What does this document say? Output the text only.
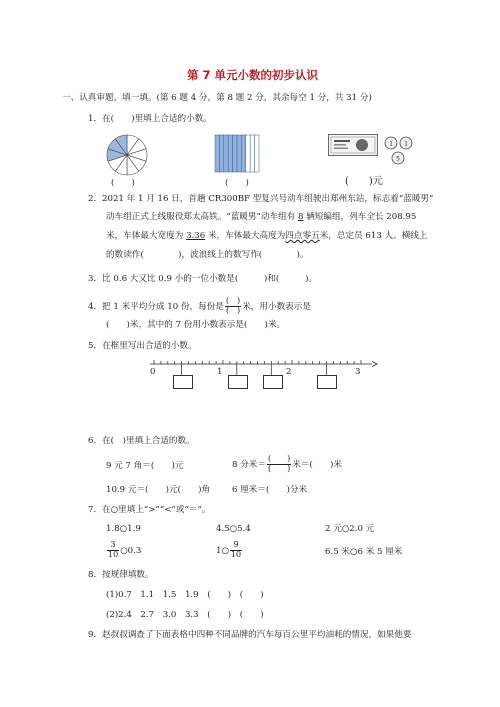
第 7 单元小数的初步认识
一、认真审题，填一填。(第 6 题 4 分，第 8 题 2 分，其余每空 1 分，共 31 分)
1．在(　　)里填上合适的小数。
1 1
5
(　　)	(　　)	(　　)元
2．2021 年 1 月 16 日，首趟 CR300BF 型复兴号动车组驶出郑州东站，标志着“蓝暖男”
动车组正式上线服役郑太高铁。“蓝暖男”动车组有 8 辆短编组，列车全长 208.95
米，车体最大宽度为 3.36 米，车体最大高度为四点零五米，总定员 613 人。横线上
的数读作(　　　　)，波浪线上的数写作(　　　　)。
3．比 0.6 大又比 0.9 小的一位小数是(　　　)和(　　　)。
4．把 1 米平均分成 10 份，每份是 $\frac{( )}{( )}$ 米，用小数表示是
(　　)米，其中的 7 份用小数表示是(　　)米。
5．在框里写出合适的小数。
0	1	2	3
6．在(　)里填上合适的数。
9 元 7 角＝(　　)元	8 分米＝ $\frac{( )}{( )}$ 米＝(　　)米
10.9 元＝(　　)元(　　)角	6 厘米＝(　　)分米
7．在○里填上“>”“<”或“＝”。
1.8○1.9	4.5○5.4	2 元○2.0 元
$\frac{3}{10}$ ○0.3	1○ $\frac{9}{10}$	6.5 米○6 米 5 厘米
8．按规律填数。
(1)0.7　1.1　1.5　1.9　(　　)　(　　)
(2)2.4　2.7　3.0　3.3　(　　)　(　　)
9．赵叔叔调查了下面表格中四种不同品牌的汽车每百公里平均油耗的情况，如果他要
